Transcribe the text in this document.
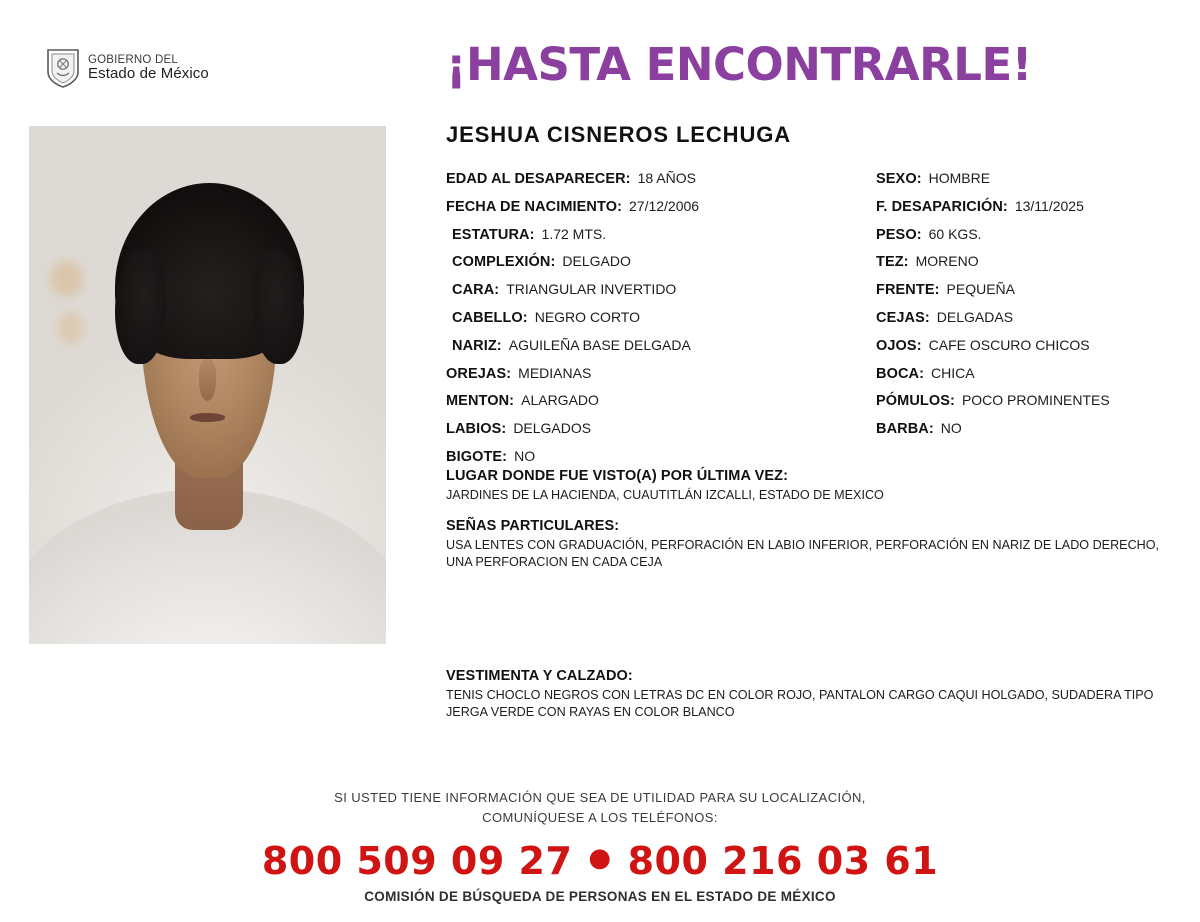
GOBIERNO DEL
Estado de México	¡HASTA ENCONTRARLE!
JESHUA CISNEROS LECHUGA
EDAD AL DESAPARECER: 18 AÑOS	SEXO: HOMBRE
FECHA DE NACIMIENTO: 27/12/2006	F. DESAPARICIÓN: 13/11/2025
ESTATURA: 1.72 MTS.	PESO: 60 KGS.
COMPLEXIÓN: DELGADO	TEZ: MORENO
CARA: TRIANGULAR INVERTIDO	FRENTE: PEQUEÑA
CABELLO: NEGRO CORTO	CEJAS: DELGADAS
NARIZ: AGUILEÑA BASE DELGADA	OJOS: CAFE OSCURO CHICOS
OREJAS: MEDIANAS	BOCA: CHICA
MENTON: ALARGADO	PÓMULOS: POCO PROMINENTES
LABIOS: DELGADOS	BARBA: NO
BIGOTE: NO
LUGAR DONDE FUE VISTO(A) POR ÚLTIMA VEZ:
JARDINES DE LA HACIENDA, CUAUTITLÁN IZCALLI, ESTADO DE MEXICO
SEÑAS PARTICULARES:
USA LENTES CON GRADUACIÓN, PERFORACIÓN EN LABIO INFERIOR, PERFORACIÓN EN NARIZ DE LADO DERECHO, UNA PERFORACION EN CADA CEJA
VESTIMENTA Y CALZADO:
TENIS CHOCLO NEGROS CON LETRAS DC EN COLOR ROJO, PANTALON CARGO CAQUI HOLGADO, SUDADERA TIPO JERGA VERDE CON RAYAS EN COLOR BLANCO
SI USTED TIENE INFORMACIÓN QUE SEA DE UTILIDAD PARA SU LOCALIZACIÓN,
COMUNÍQUESE A LOS TELÉFONOS:
800 509 09 27 ● 800 216 03 61
COMISIÓN DE BÚSQUEDA DE PERSONAS EN EL ESTADO DE MÉXICO
